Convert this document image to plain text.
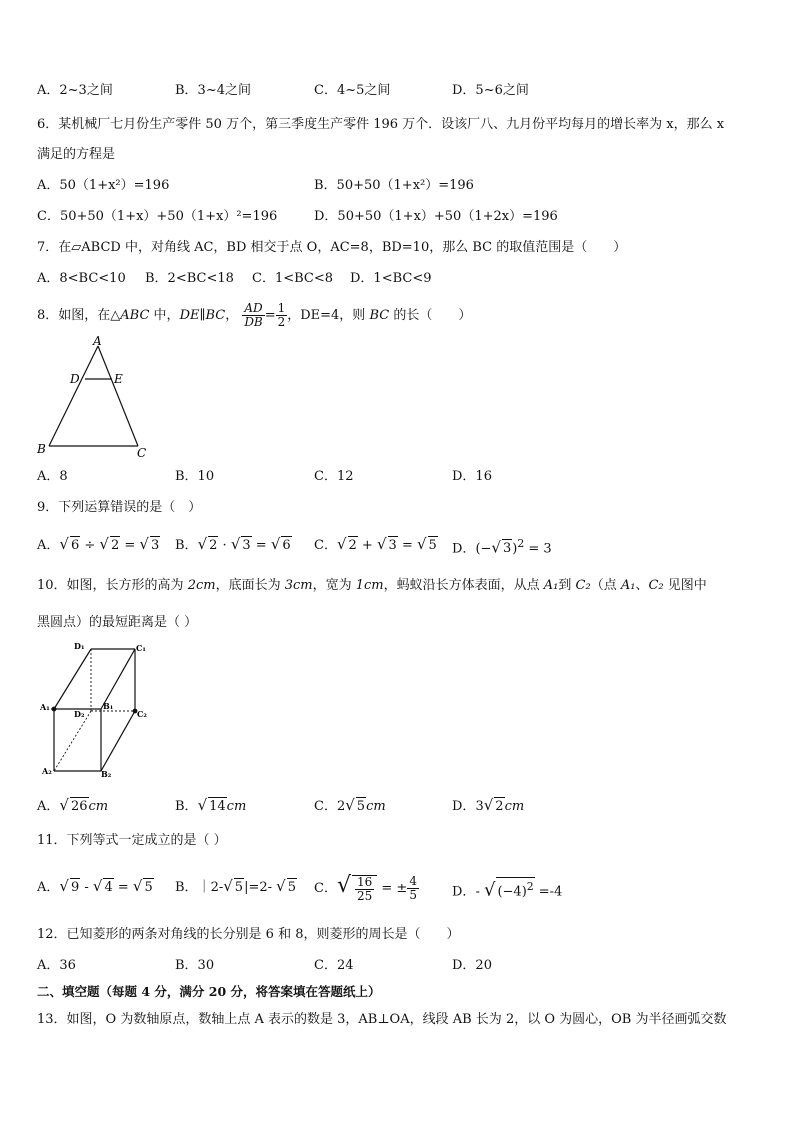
A．2~3之间	B．3~4之间	C．4~5之间	D．5~6之间
6．某机械厂七月份生产零件 50 万个，第三季度生产零件 196 万个．设该厂八、九月份平均每月的增长率为 x，那么 x
满足的方程是
A．50（1+x²）=196	B．50+50（1+x²）=196
C．50+50（1+x）+50（1+x）²=196	D．50+50（1+x）+50（1+2x）=196
7．在▱ABCD 中，对角线 AC，BD 相交于点 O，AC=8，BD=10，那么 BC 的取值范围是（　　）
A．8<BC<10 B．2<BC<18 C．1<BC<8 D．1<BC<9
8．如图，在△ABC 中，DE∥BC， $\frac{AD}{DB} = \frac{1}{2}$ ，DE=4，则 BC 的长（　　）
A
D	E
B	C
A．8	B．10	C．12	D．16
9．下列运算错误的是（　）
A．√ 6 ÷ √ 2 = √ 3 B．√ 2 · √ 3 = √ 6 C．√ 2 + √ 3 = √ 5 D．(−√ 3)$^2$ = 3
10．如图，长方形的高为 2cm，底面长为 3cm，宽为 1cm，蚂蚁沿长方体表面，从点 A₁到 C₂（点 A₁、C₂ 见图中
黑圆点）的最短距离是（ ）
D₁	C₁
A₁
D₂
B₁
C₂
A₂	B₂
A．√ 26cm	B．√ 14cm	C．2√ 5cm	D．3√ 2cm
11．下列等式一定成立的是（ ）
A．√ 9 - √ 4 = √ 5 B．｜2-√ 5|=2- √ 5 C．√ $\frac{16}{25}$ = ± $\frac{4}{5}$	D．- √ $(-4)^2 =-4$
12．已知菱形的两条对角线的长分别是 6 和 8，则菱形的周长是（　　）
A．36	B．30	C．24	D．20
二、填空题（每题 4 分，满分 20 分，将答案填在答题纸上）
13．如图，O 为数轴原点，数轴上点 A 表示的数是 3，AB⊥OA，线段 AB 长为 2，以 O 为圆心，OB 为半径画弧交数
